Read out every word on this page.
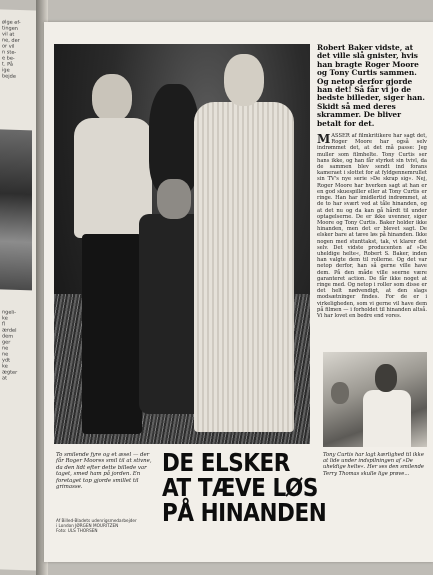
ølge ef-
tingen
vil at
ne, der
or vil
n ste-
e be-
t. På
ige
bejde
ngeli-
ke
fl
ærdel
dem
ger
ne
ne
ydt
ke
ægter
at

Robert Baker vidste, at det ville slå gnister, hvis han bragte Roger Moore og Tony Curtis sammen. Og netop derfor gjorde han det! Så får vi jo de bedste billeder, siger han. Skidt så med deres skrammer. De bliver betalt for det.

MASSER af filmkritikere har sagt det, Roger Moore har også selv indrømmet det, at det må passe: Jeg muller som filmhelte. Tony Curtis ser hans ikke, og han får styrket sin tvivl, da de sammen blev sendt ind forans kameraet i slottet for at fyldgennemrullet sin TV's nye serie »De skrap sig«. Nej, Roger Moore har hverken sagt at han er en god skuespiller eller at Tony Curtis er ringe. Han har imidlertid indrømmet, at de to har svært ved at tåle hinanden, og at det nu og da kan gå hårdt til under optagelserne. De er ikke uvenner, siger Moore og Tony Curtis. Baker holder ikke hinanden, men det er blevet sagt. De elsker bare at tæve løs på hinanden. Ikke nogen med stunttakst, tak, vi klarer det selv. Det vidste producenten af »De uheldige helte«, Robert S. Baker, inden han valgte dem til rollerne. Og det var netop derfor, han så gerne ville have dem. På den måde ville seerne være garanteret action. De får ikke noget at ringe med. Og netop i roller som disse er det helt nødvendigt, at den slags modsætninger findes. For de er i virkeligheden, som vi gerne vil have dem på filmen — i forholdet til hinanden altså. Vi har lovet en bedre end vores.

Tony Curtis har lagt kærlighed til ikke at lide under indspilningen af »De uheldige helte«. Her ses den smilende Terry Thomas skulle lige prøve...
To smilende fyre og et æsel — der får Roger Moores smil til at stivne, da den lidt efter dette billede var taget, smed ham på jorden. En foretaget top gjorde smillet til grimasse.
Af Billed-Bladets udenrigsmedarbejder
i London JØRGEN MOURITZEN
Foto: ULS THORSEN
DE ELSKER
AT TÆVE LØS
PÅ HINANDEN
